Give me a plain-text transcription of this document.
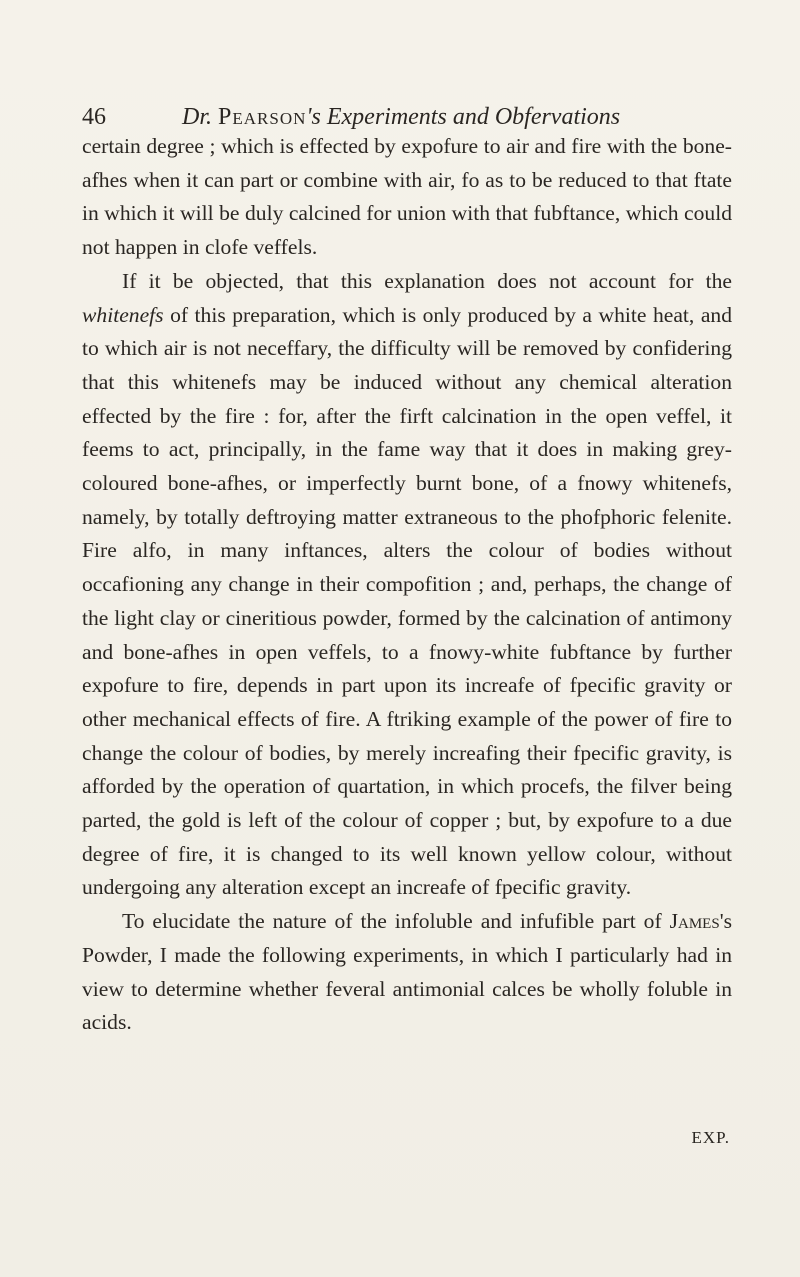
46	Dr. Pearson's Experiments and Obfervations

certain degree ; which is effected by expofure to air and fire with the bone-afhes when it can part or combine with air, fo as to be reduced to that ftate in which it will be duly calcined for union with that fubftance, which could not happen in clofe veffels.

If it be objected, that this explanation does not account for the whitenefs of this preparation, which is only produced by a white heat, and to which air is not neceffary, the difficulty will be removed by confidering that this whitenefs may be induced without any chemical alteration effected by the fire : for, after the firft calcination in the open veffel, it feems to act, principally, in the fame way that it does in making grey-coloured bone-afhes, or imperfectly burnt bone, of a fnowy whitenefs, namely, by totally deftroying matter extraneous to the phofphoric felenite. Fire alfo, in many inftances, alters the colour of bodies without occafioning any change in their compofition ; and, perhaps, the change of the light clay or cineritious powder, formed by the calcination of antimony and bone-afhes in open veffels, to a fnowy-white fubftance by further expofure to fire, depends in part upon its increafe of fpecific gravity or other mechanical effects of fire. A ftriking example of the power of fire to change the colour of bodies, by merely increafing their fpecific gravity, is afforded by the operation of quartation, in which procefs, the filver being parted, the gold is left of the colour of copper ; but, by expofure to a due degree of fire, it is changed to its well known yellow colour, without undergoing any alteration except an increafe of fpecific gravity.

To elucidate the nature of the infoluble and infufible part of James's Powder, I made the following experiments, in which I particularly had in view to determine whether feveral antimonial calces be wholly foluble in acids.

EXP.
